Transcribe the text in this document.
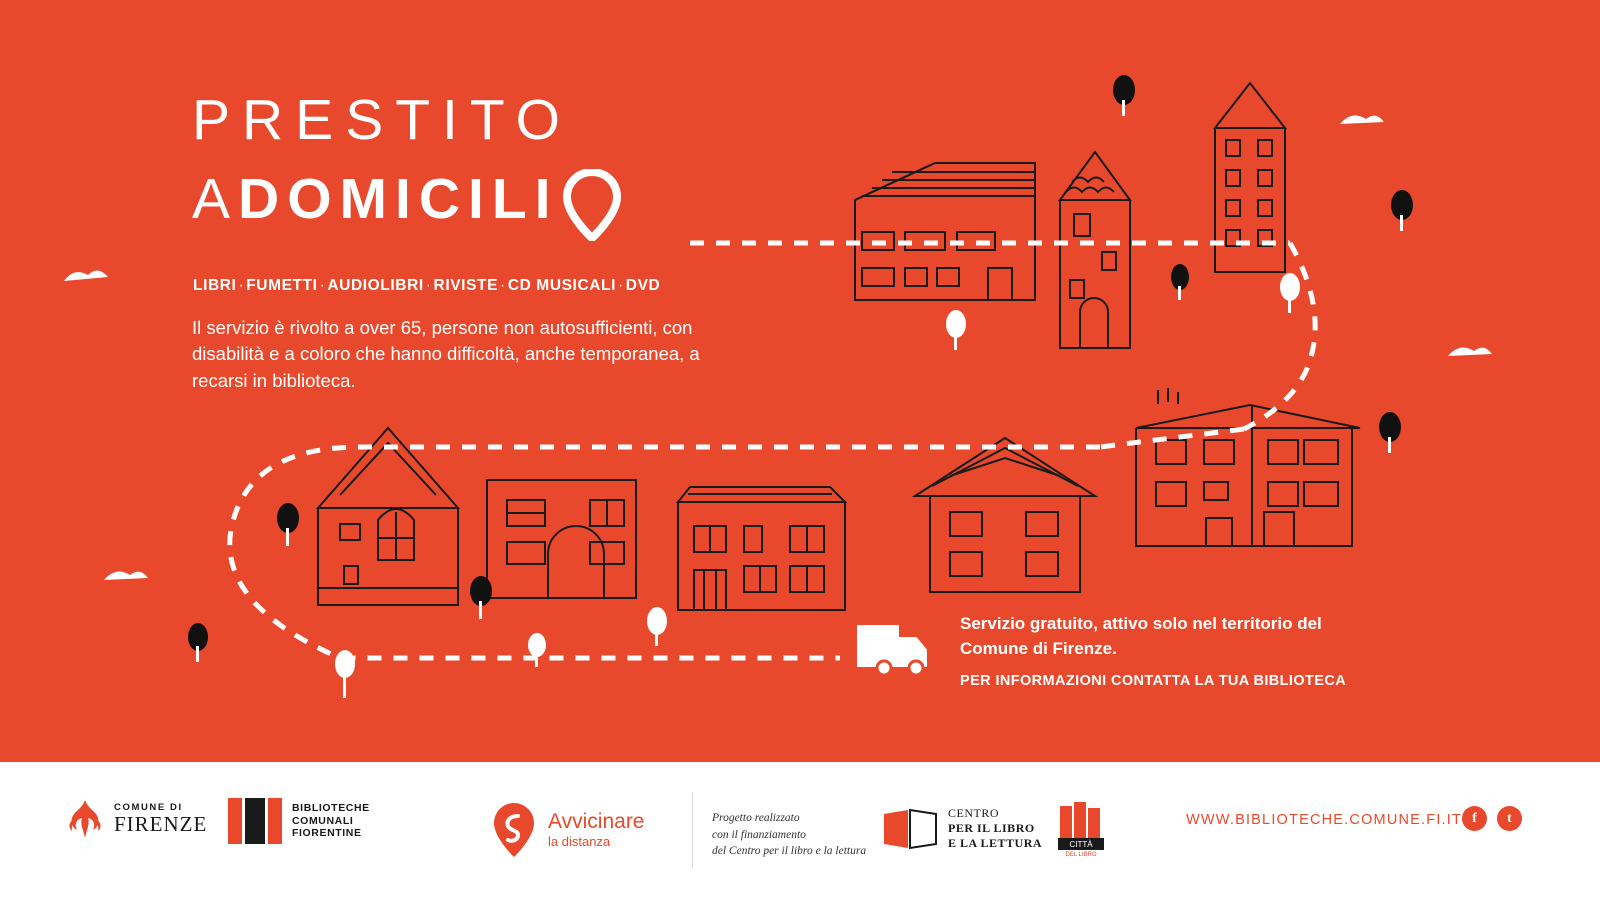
PRESTITO
A DOMICILI
LIBRI · FUMETTI · AUDIOLIBRI · RIVISTE · CD MUSICALI · DVD
Il servizio è rivolto a over 65, persone non autosufficienti, con disabilità e a coloro che hanno difficoltà, anche temporanea, a recarsi in biblioteca.
Servizio gratuito, attivo solo nel territorio del Comune di Firenze.
PER INFORMAZIONI CONTATTA LA TUA BIBLIOTECA
COMUNE DI
FIRENZE
BIBLIOTECHE
COMUNALI
FIORENTINE	Avvicinare
la distanza
Progetto realizzato
con il finanziamento
del Centro per il libro e la lettura
CENTRO
PER IL LIBRO
E LA LETTURA	CITTÀ
DEL LIBRO
WWW.BIBLIOTECHE.COMUNE.FI.IT f	t
